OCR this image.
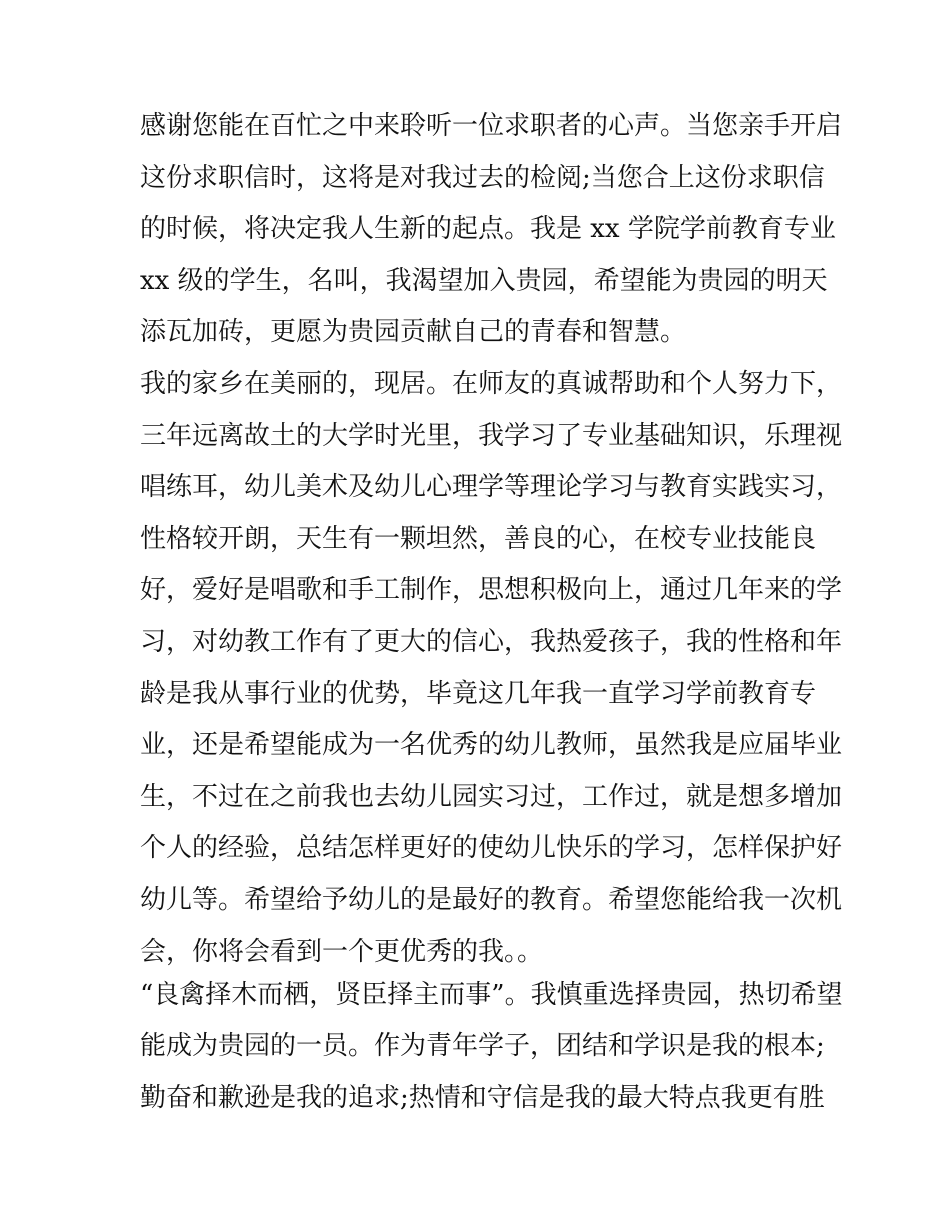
感谢您能在百忙之中来聆听一位求职者的心声。当您亲手开启
这份求职信时，这将是对我过去的检阅;当您合上这份求职信
的时候，将决定我人生新的起点。我是 xx 学院学前教育专业
xx 级的学生，名叫，我渴望加入贵园，希望能为贵园的明天
添瓦加砖，更愿为贵园贡献自己的青春和智慧。
我的家乡在美丽的，现居。在师友的真诚帮助和个人努力下，
三年远离故土的大学时光里，我学习了专业基础知识，乐理视
唱练耳，幼儿美术及幼儿心理学等理论学习与教育实践实习，
性格较开朗，天生有一颗坦然，善良的心，在校专业技能良
好，爱好是唱歌和手工制作，思想积极向上，通过几年来的学
习，对幼教工作有了更大的信心，我热爱孩子，我的性格和年
龄是我从事行业的优势，毕竟这几年我一直学习学前教育专
业，还是希望能成为一名优秀的幼儿教师，虽然我是应届毕业
生，不过在之前我也去幼儿园实习过，工作过，就是想多增加
个人的经验，总结怎样更好的使幼儿快乐的学习，怎样保护好
幼儿等。希望给予幼儿的是最好的教育。希望您能给我一次机
会，你将会看到一个更优秀的我。。
“良禽择木而栖，贤臣择主而事”。我慎重选择贵园，热切希望
能成为贵园的一员。作为青年学子，团结和学识是我的根本;
勤奋和歉逊是我的追求;热情和守信是我的最大特点我更有胜
